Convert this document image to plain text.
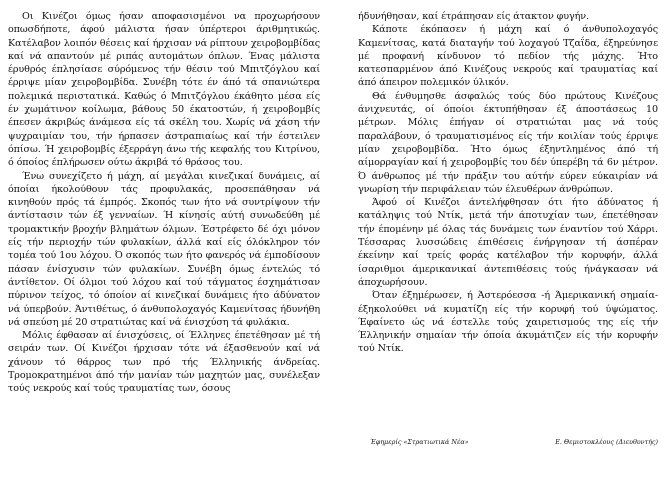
Οι Κινέζοι όμως ήσαν αποφασισμένοι να προχωρήσουν οπωσδήποτε, άφού μάλιστα ήσαν ύπέρτεροι άριθμητικώς. Κατέλαβον λοιπόν θέσεις καί ήρχισαν νά ρίπτουν χειροβομβίδας καί νά απαντούν μέ ριπάς αυτομάτων όπλων. Ένας μάλιστα έρυθρός έπλησίασε σύρόμενος τήν θέσιν τού Μπιτζόγλου καί έρριψε μίαν χειροβομβίδα. Συνέβη τότε έν άπό τά σπανιώτερα πολεμικά περιστατικά. Καθώς ό Μπιτζόγλου έκάθητο μέσα είς έν χωμάτινον κοίλωμα, βάθους 50 έκατοστών, ή χειροβομβίς έπεσεν άκριβώς άνάμεσα είς τά σκέλη του. Χωρίς νά χάση τήν ψυχραιμίαν του, τήν ήρπασεν άστραπιαίως καί τήν έστειλεν όπίσω. Ή χειροβομβίς έξερράγη άνω τής κεφαλής του Κιτρίνου, ό όποίος έπλήρωσεν ούτω άκριβά τό θράσος του.

Ένω συνεχίζετο ή μάχη, αί μεγάλαι κινεζικαί δυνάμεις, αί όποίαι ήκολούθουν τάς προφυλακάς, προσεπάθησαν νά κινηθούν πρός τά έμπρός. Σκοπός των ήτο νά συντρίψουν τήν άντίστασιν τών έξ γενναίων. Ή κίνησίς αύτή συνωδεύθη μέ τρομακτικήν βροχήν βλημάτων όλμων. Έστρέφετο δέ όχι μόνον είς τήν περιοχήν τών φυλακίων, άλλά καί είς όλόκληρον τόν τομέα τού 1ου λόχου. Ό σκοπός των ήτο φανερός νά έμποδίσουν πάσαν ένίσχυσιν τών φυλακίων. Συνέβη όμως έντελώς τό άντίθετον. Οί όλμοι τού λόχου καί τού τάγματος έσχημάτισαν πύρινον τείχος, τό όποίον αί κινεζικαί δυνάμεις ήτο άδύνατον νά ύπερβούν. Άντιθέτως, ό άνθυπολοχαγός Καμενίτσας ήδυνήθη νά σπεύση μέ 20 στρατιώτας καί νά ένισχύση τά φυλάκια.

Μόλις έφθασαν αί ένισχύσεις, οί Έλληνες έπετέθησαν μέ τή σειράν των. Οί Κινέζοι ήρχισαν τότε νά έξασθενούν καί νά χάνουν τό θάρρος των πρό τής Έλληνικής άνδρείας. Τρομοκρατημένοι άπό τήν μανίαν τών μαχητών μας, συνέλεξαν τούς νεκρούς καί τούς τραυματίας των, όσους

ήδυνήθησαν, καί έτράπησαν είς άτακτον φυγήν.

Κάποτε έκόπασεν ή μάχη καί ό άνθυπολοχαγός Καμενίτσας, κατά διαταγήν τού λοχαγού Τζαΐδα, έξηρεύνησε μέ προφανή κίνδυνον τό πεδίον τής μάχης. Ήτο κατεσπαρμένον άπό Κινέζους νεκρούς καί τραυματίας καί άπό άπειρον πολεμικόν ύλικόν.

Θά ένθυμησθε άσφαλώς τούς δύο πρώτους Κινέζους άνιχνευτάς, οί όποίοι έκτυπήθησαν έξ άποστάσεως 10 μέτρων. Μόλις έπήγαν οί στρατιώται μας νά τούς παραλάβουν, ό τραυματισμένος είς τήν κοιλίαν τούς έρριψε μίαν χειροβομβίδα. Ήτο όμως έξηντλημένος άπό τή αίμορραγίαν καί ή χειροβομβίς του δέν ύπερέβη τά 6ν μέτρον. Ό άνθρωπος μέ τήν πράξιν του αύτήν εύρεν εύκαιρίαν νά γνωρίση τήν περιφάλειαν τών έλευθέρων άνθρώπων.

Άφού οί Κινέζοι άντελήφθησαν ότι ήτο άδύνατος ή κατάληψις τού Ντίκ, μετά τήν άποτυχίαν των, έπετέθησαν τήν έπομένην μέ όλας τάς δυνάμεις των έναντίον τού Χάρρι. Τέσσαρας λυσσώδεις έπιθέσεις ένήργησαν τή άσπέραν έκείνην καί τρείς φοράς κατέλαβον τήν κορυφήν, άλλά ίσαριθμοι άμερικανικαί άντεπιθέσεις τούς ήνάγκασαν νά άποχωρήσουν.

Όταν έξημέρωσεν, ή Άστερόεσσα -ή Άμερικανική σημαία- έξηκολούθει νά κυματίζη είς τήν κορυφή τού ύψώματος. Έφαίνετο ώς νά έστελλε τούς χαιρετισμούς της είς τήν Έλληνικήν σημαίαν τήν όποία άκυμάτιζεν είς τήν κορυφήν τού Ντίκ.

Έφημερίς «Στρατιωτικά Νέα»	Ε. Θεμιστοκλέους (Διευθυντής)
